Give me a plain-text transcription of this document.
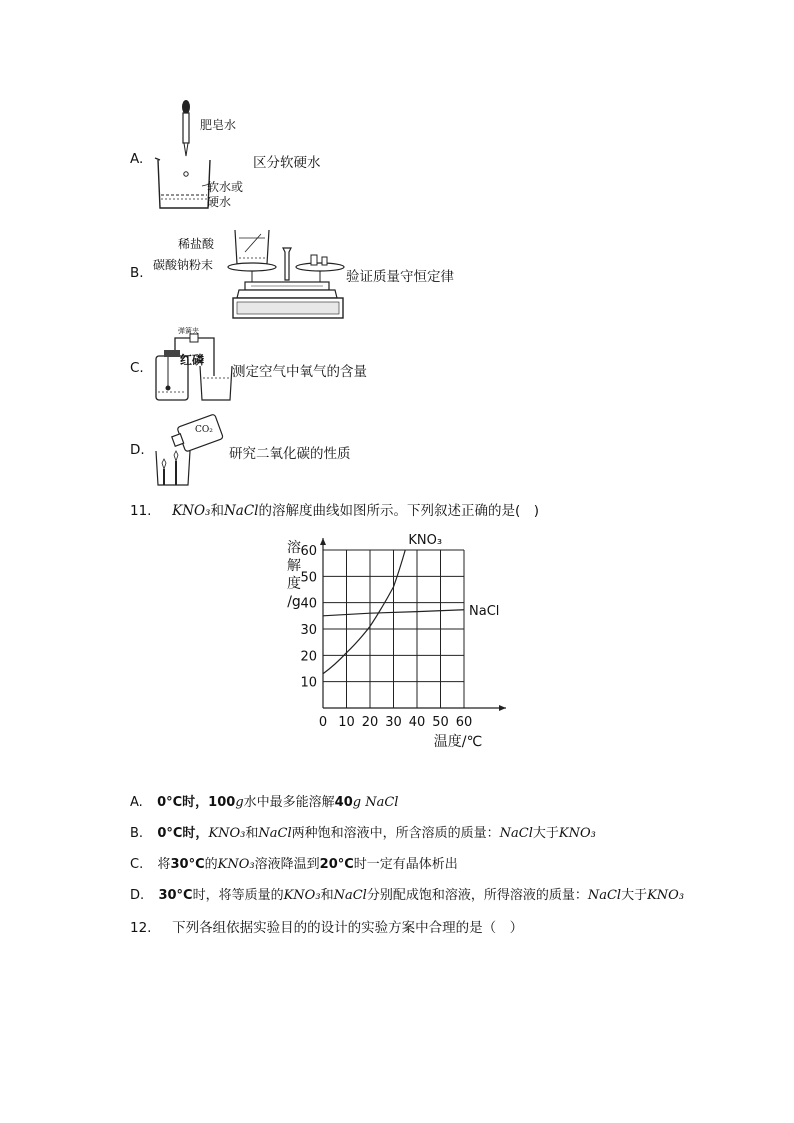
A.
肥皂水
软水或
硬水
区分软硬水
B.
稀盐酸
碳酸钠粉末
验证质量守恒定律
C.
弹簧夹
红磷
测定空气中氧气的含量
D.
CO₂
研究二氧化碳的性质
11. KNO₃和NaCl的溶解度曲线如图所示。下列叙述正确的是(　)
0 10 20 30 40 50 60
10
20
30
40
50
60
溶
解
度
/g
温度/℃
KNO₃
NaCl
A. 0°C时，100g水中最多能溶解40g NaCl
B. 0°C时，KNO₃和NaCl两种饱和溶液中，所含溶质的质量：NaCl大于KNO₃
C. 将30°C的KNO₃溶液降温到20°C时一定有晶体析出
D. 30°C时，将等质量的KNO₃和NaCl分别配成饱和溶液，所得溶液的质量：NaCl大于KNO₃
12. 下列各组依据实验目的的设计的实验方案中合理的是（　）
